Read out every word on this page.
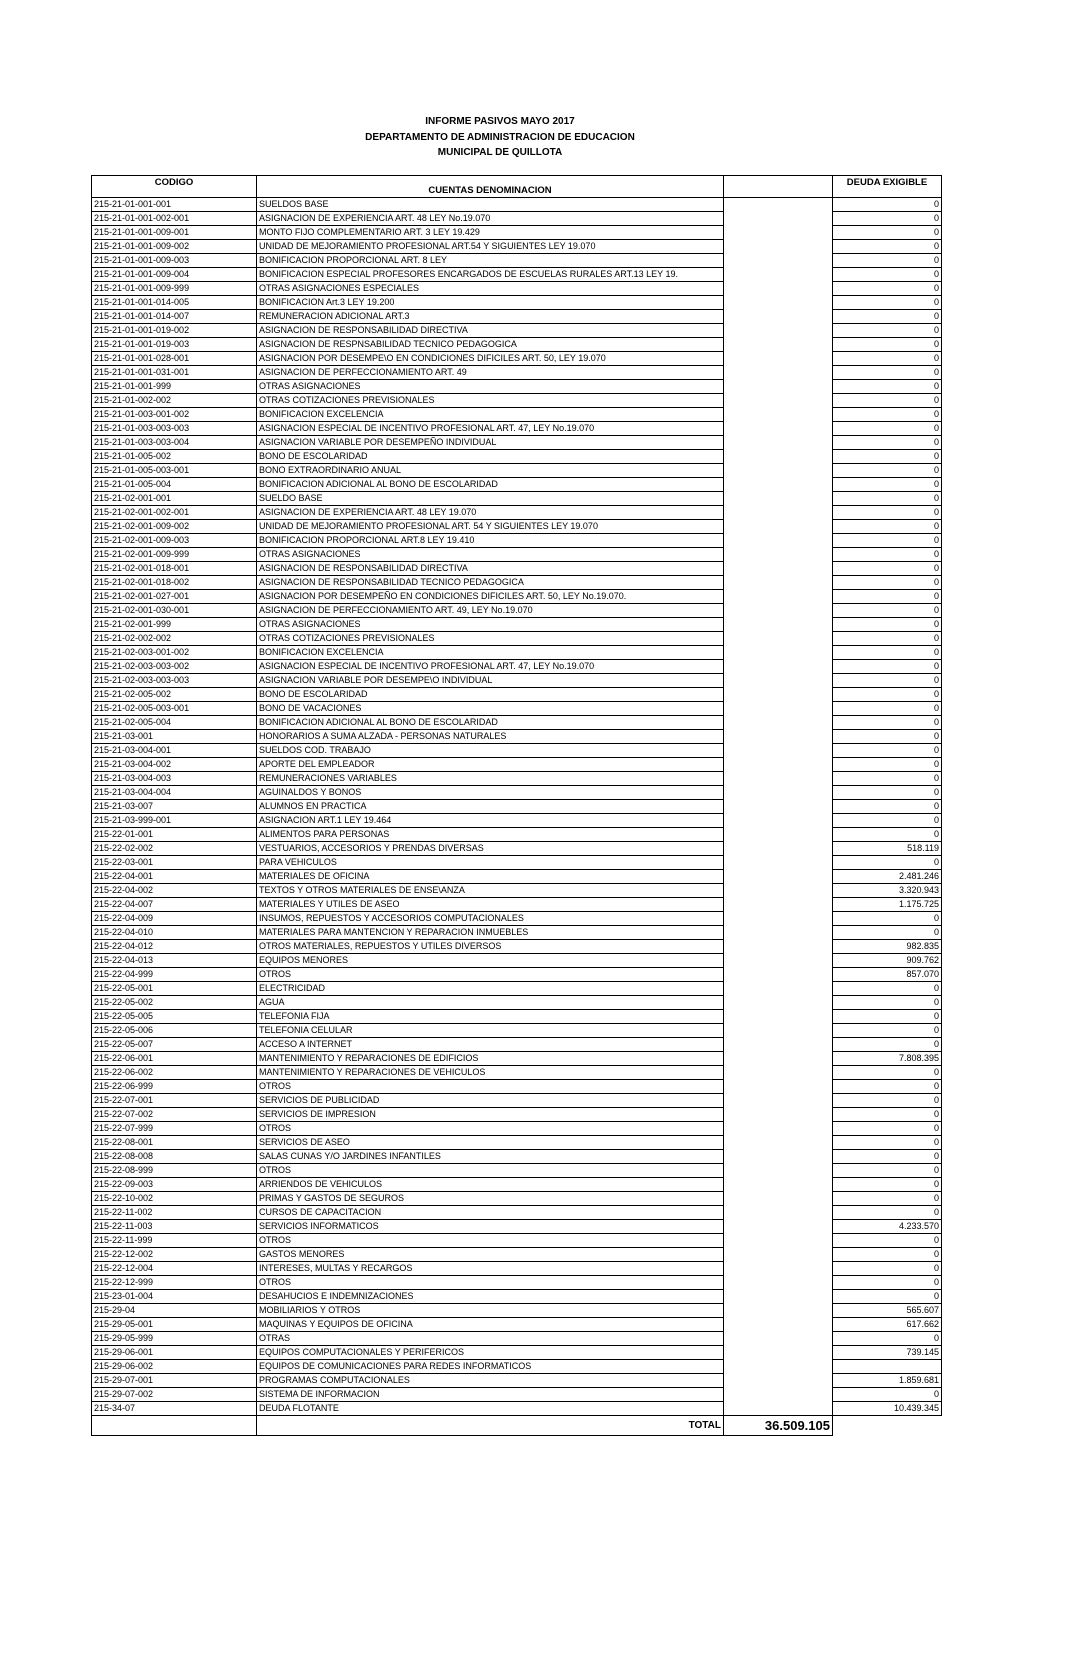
INFORME PASIVOS MAYO 2017
DEPARTAMENTO DE ADMINISTRACION DE EDUCACION
MUNICIPAL DE QUILLOTA
CODIGO	CUENTAS DENOMINACION		DEUDA EXIGIBLE
215-21-01-001-001	SUELDOS BASE		0
215-21-01-001-002-001	ASIGNACION DE EXPERIENCIA ART. 48 LEY No.19.070		0
215-21-01-001-009-001	MONTO FIJO COMPLEMENTARIO ART. 3 LEY 19.429		0
215-21-01-001-009-002	UNIDAD DE MEJORAMIENTO PROFESIONAL ART.54 Y SIGUIENTES LEY 19.070		0
215-21-01-001-009-003	BONIFICACION PROPORCIONAL ART. 8 LEY		0
215-21-01-001-009-004	BONIFICACION ESPECIAL PROFESORES ENCARGADOS DE ESCUELAS RURALES ART.13 LEY 19.		0
215-21-01-001-009-999	OTRAS ASIGNACIONES ESPECIALES		0
215-21-01-001-014-005	BONIFICACION Art.3 LEY 19.200		0
215-21-01-001-014-007	REMUNERACION ADICIONAL ART.3		0
215-21-01-001-019-002	ASIGNACION DE RESPONSABILIDAD DIRECTIVA		0
215-21-01-001-019-003	ASIGNACION DE RESPNSABILIDAD TECNICO PEDAGOGICA		0
215-21-01-001-028-001	ASIGNACION POR DESEMPE\O EN CONDICIONES DIFICILES ART. 50, LEY 19.070		0
215-21-01-001-031-001	ASIGNACION DE PERFECCIONAMIENTO ART. 49		0
215-21-01-001-999	OTRAS ASIGNACIONES		0
215-21-01-002-002	OTRAS COTIZACIONES PREVISIONALES		0
215-21-01-003-001-002	BONIFICACION EXCELENCIA		0
215-21-01-003-003-003	ASIGNACION ESPECIAL DE INCENTIVO PROFESIONAL ART. 47, LEY No.19.070		0
215-21-01-003-003-004	ASIGNACION VARIABLE POR DESEMPEÑO INDIVIDUAL		0
215-21-01-005-002	BONO DE ESCOLARIDAD		0
215-21-01-005-003-001	BONO EXTRAORDINARIO ANUAL		0
215-21-01-005-004	BONIFICACION ADICIONAL AL BONO DE ESCOLARIDAD		0
215-21-02-001-001	SUELDO BASE		0
215-21-02-001-002-001	ASIGNACION DE EXPERIENCIA ART. 48 LEY 19.070		0
215-21-02-001-009-002	UNIDAD DE MEJORAMIENTO PROFESIONAL ART. 54 Y SIGUIENTES LEY 19.070		0
215-21-02-001-009-003	BONIFICACION PROPORCIONAL ART.8 LEY 19.410		0
215-21-02-001-009-999	OTRAS ASIGNACIONES		0
215-21-02-001-018-001	ASIGNACION DE RESPONSABILIDAD DIRECTIVA		0
215-21-02-001-018-002	ASIGNACION DE RESPONSABILIDAD TECNICO PEDAGOGICA		0
215-21-02-001-027-001	ASIGNACION POR DESEMPEÑO EN CONDICIONES DIFICILES ART. 50, LEY No.19.070.		0
215-21-02-001-030-001	ASIGNACION DE PERFECCIONAMIENTO ART. 49, LEY No.19.070		0
215-21-02-001-999	OTRAS ASIGNACIONES		0
215-21-02-002-002	OTRAS COTIZACIONES PREVISIONALES		0
215-21-02-003-001-002	BONIFICACION EXCELENCIA		0
215-21-02-003-003-002	ASIGNACION ESPECIAL DE INCENTIVO PROFESIONAL ART. 47, LEY No.19.070		0
215-21-02-003-003-003	ASIGNACION VARIABLE POR DESEMPE\O INDIVIDUAL		0
215-21-02-005-002	BONO DE ESCOLARIDAD		0
215-21-02-005-003-001	BONO DE VACACIONES		0
215-21-02-005-004	BONIFICACION ADICIONAL AL BONO DE ESCOLARIDAD		0
215-21-03-001	HONORARIOS A SUMA ALZADA - PERSONAS NATURALES		0
215-21-03-004-001	SUELDOS COD. TRABAJO		0
215-21-03-004-002	APORTE DEL EMPLEADOR		0
215-21-03-004-003	REMUNERACIONES VARIABLES		0
215-21-03-004-004	AGUINALDOS Y BONOS		0
215-21-03-007	ALUMNOS EN PRACTICA		0
215-21-03-999-001	ASIGNACION ART.1 LEY 19.464		0
215-22-01-001	ALIMENTOS PARA PERSONAS		0
215-22-02-002	VESTUARIOS, ACCESORIOS Y PRENDAS DIVERSAS		518.119
215-22-03-001	PARA VEHICULOS		0
215-22-04-001	MATERIALES DE OFICINA		2.481.246
215-22-04-002	TEXTOS Y OTROS MATERIALES DE ENSE\ANZA		3.320.943
215-22-04-007	MATERIALES Y UTILES DE ASEO		1.175.725
215-22-04-009	INSUMOS, REPUESTOS Y ACCESORIOS COMPUTACIONALES		0
215-22-04-010	MATERIALES PARA MANTENCION Y REPARACION INMUEBLES		0
215-22-04-012	OTROS MATERIALES, REPUESTOS Y UTILES DIVERSOS		982.835
215-22-04-013	EQUIPOS MENORES		909.762
215-22-04-999	OTROS		857.070
215-22-05-001	ELECTRICIDAD		0
215-22-05-002	AGUA		0
215-22-05-005	TELEFONIA FIJA		0
215-22-05-006	TELEFONIA CELULAR		0
215-22-05-007	ACCESO A INTERNET		0
215-22-06-001	MANTENIMIENTO Y REPARACIONES DE EDIFICIOS		7.808.395
215-22-06-002	MANTENIMIENTO Y REPARACIONES DE VEHICULOS		0
215-22-06-999	OTROS		0
215-22-07-001	SERVICIOS DE PUBLICIDAD		0
215-22-07-002	SERVICIOS DE IMPRESION		0
215-22-07-999	OTROS		0
215-22-08-001	SERVICIOS DE ASEO		0
215-22-08-008	SALAS CUNAS Y/O JARDINES INFANTILES		0
215-22-08-999	OTROS		0
215-22-09-003	ARRIENDOS DE VEHICULOS		0
215-22-10-002	PRIMAS Y GASTOS DE SEGUROS		0
215-22-11-002	CURSOS DE CAPACITACION		0
215-22-11-003	SERVICIOS INFORMATICOS		4.233.570
215-22-11-999	OTROS		0
215-22-12-002	GASTOS MENORES		0
215-22-12-004	INTERESES, MULTAS Y RECARGOS		0
215-22-12-999	OTROS		0
215-23-01-004	DESAHUCIOS E INDEMNIZACIONES		0
215-29-04	MOBILIARIOS Y OTROS		565.607
215-29-05-001	MAQUINAS Y EQUIPOS DE OFICINA		617.662
215-29-05-999	OTRAS		0
215-29-06-001	EQUIPOS COMPUTACIONALES Y PERIFERICOS		739.145
215-29-06-002	EQUIPOS DE COMUNICACIONES PARA REDES INFORMATICOS		
215-29-07-001	PROGRAMAS COMPUTACIONALES		1.859.681
215-29-07-002	SISTEMA DE INFORMACION		0
215-34-07	DEUDA FLOTANTE		10.439.345
	TOTAL	36.509.105	
